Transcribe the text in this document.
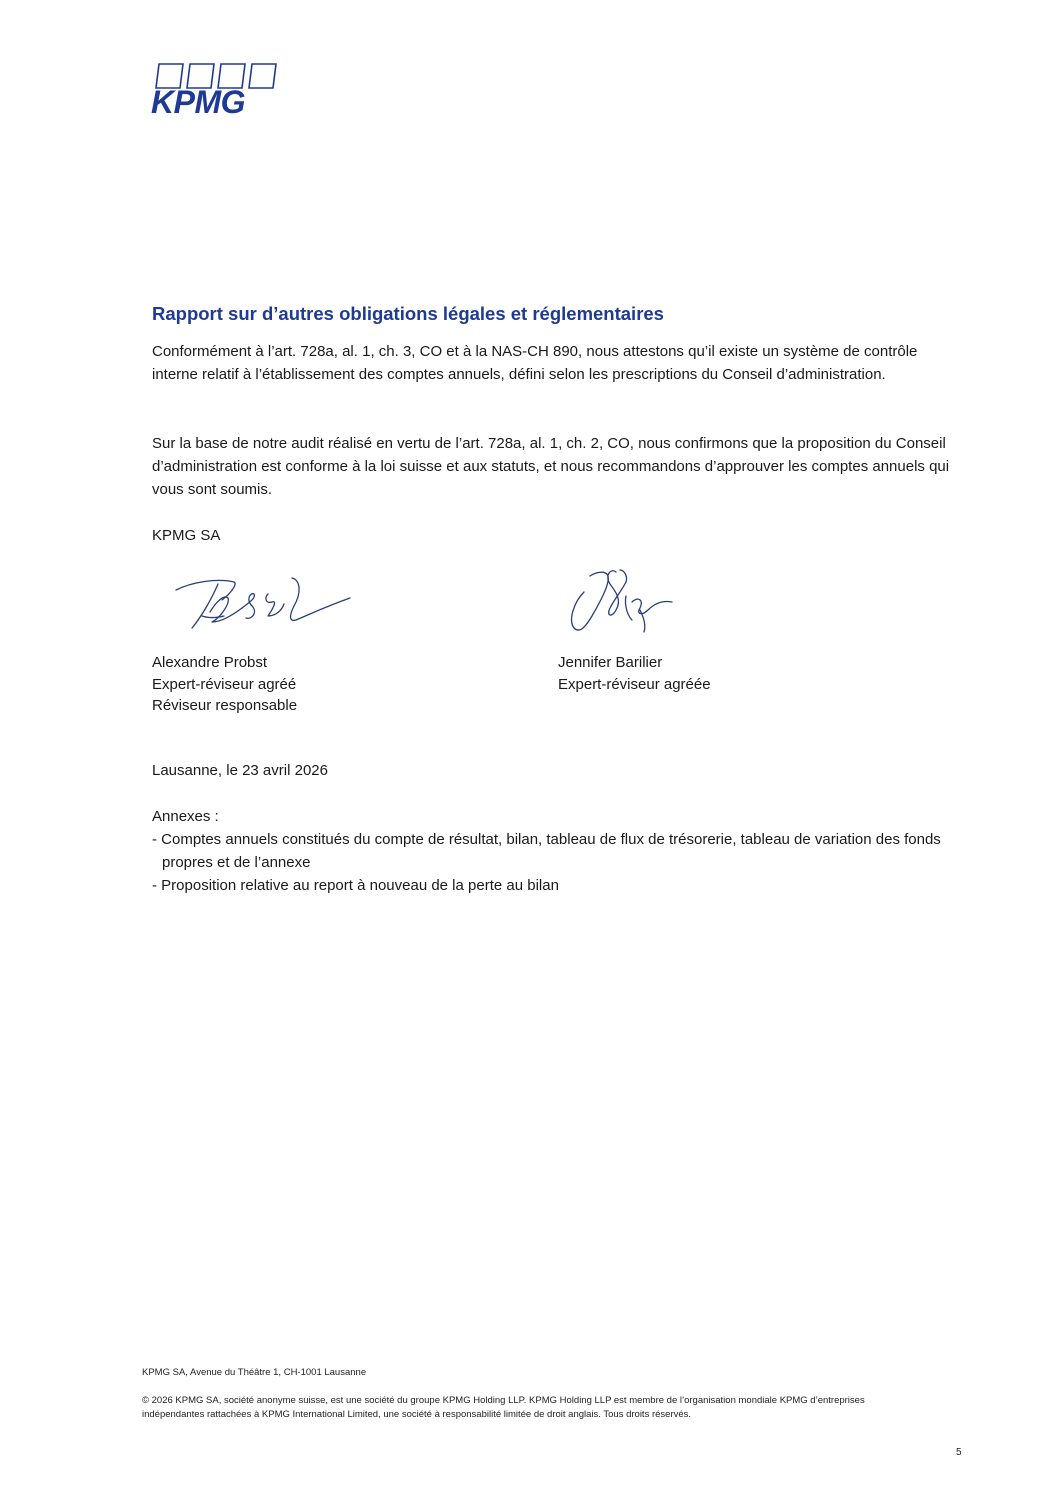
KPMG
Rapport sur d’autres obligations légales et réglementaires

Conformément à l’art. 728a, al. 1, ch. 3, CO et à la NAS-CH 890, nous attestons qu’il existe un système de contrôle interne relatif à l’établissement des comptes annuels, défini selon les prescriptions du Conseil d’administration.

Sur la base de notre audit réalisé en vertu de l’art. 728a, al. 1, ch. 2, CO, nous confirmons que la proposition du Conseil d’administration est conforme à la loi suisse et aux statuts, et nous recommandons d’approuver les comptes annuels qui vous sont soumis.

KPMG SA
Alexandre Probst
Expert-réviseur agréé
Réviseur responsable
Jennifer Barilier
Expert-réviseur agréée
Lausanne, le 23 avril 2026
Annexes :
- Comptes annuels constitués du compte de résultat, bilan, tableau de flux de trésorerie, tableau de variation des fonds propres et de l’annexe
- Proposition relative au report à nouveau de la perte au bilan
KPMG SA, Avenue du Théâtre 1, CH-1001 Lausanne
© 2026 KPMG SA, société anonyme suisse, est une société du groupe KPMG Holding LLP. KPMG Holding LLP est membre de l’organisation mondiale KPMG d’entreprises indépendantes rattachées à KPMG International Limited, une société à responsabilité limitée de droit anglais. Tous droits réservés.
5
